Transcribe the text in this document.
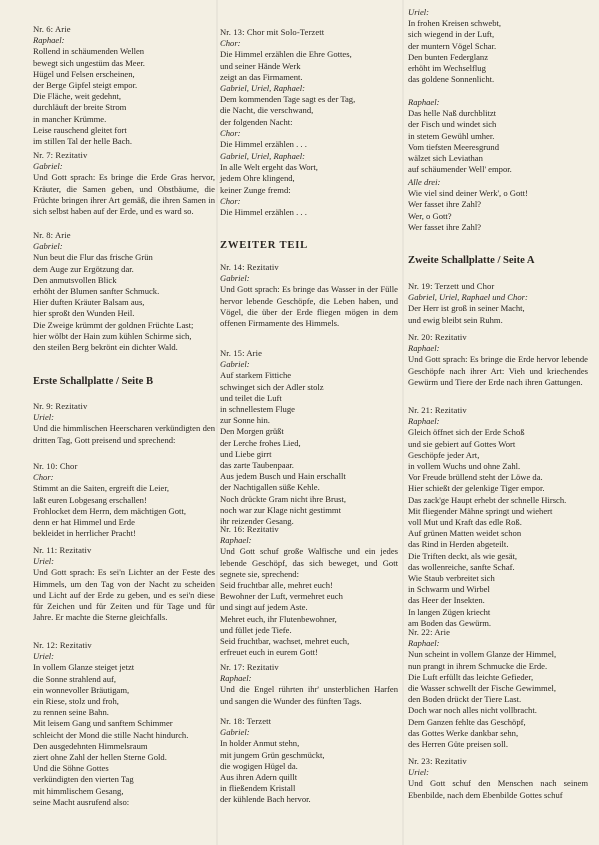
Nr. 6: Arie
Raphael:
Rollend in schäumenden Wellen
bewegt sich ungestüm das Meer.
Hügel und Felsen erscheinen,
der Berge Gipfel steigt empor.
Die Fläche, weit gedehnt,
durchläuft der breite Strom
in mancher Krümme.
Leise rauschend gleitet fort
im stillen Tal der helle Bach.
Nr. 7: Rezitativ
Gabriel:
Und Gott sprach: Es bringe die Erde Gras hervor, Kräuter, die Samen geben, und Obstbäume, die Früchte bringen ihrer Art gemäß, die ihren Samen in sich selbst haben auf der Erde, und es ward so.
Nr. 8: Arie
Gabriel:
Nun beut die Flur das frische Grün
dem Auge zur Ergötzung dar.
Den anmutsvollen Blick
erhöht der Blumen sanfter Schmuck.
Hier duften Kräuter Balsam aus,
hier sproßt den Wunden Heil.
Die Zweige krümmt der goldnen Früchte Last;
hier wölbt der Hain zum kühlen Schirme sich,
den steilen Berg bekrönt ein dichter Wald.
Erste Schallplatte / Seite B
Nr. 9: Rezitativ
Uriel:
Und die himmlischen Heerscharen verkündigten den dritten Tag, Gott preisend und sprechend:
Nr. 10: Chor
Chor:
Stimmt an die Saiten, ergreift die Leier,
laßt euren Lobgesang erschallen!
Frohlocket dem Herrn, dem mächtigen Gott,
denn er hat Himmel und Erde
bekleidet in herrlicher Pracht!
Nr. 11: Rezitativ
Uriel:
Und Gott sprach: Es sei'n Lichter an der Feste des Himmels, um den Tag von der Nacht zu scheiden und Licht auf der Erde zu geben, und es sei'n diese für Zeichen und für Zeiten und für Tage und für Jahre. Er machte die Sterne gleichfalls.
Nr. 12: Rezitativ
Uriel:
In vollem Glanze steiget jetzt
die Sonne strahlend auf,
ein wonnevoller Bräutigam,
ein Riese, stolz und froh,
zu rennen seine Bahn.
Mit leisem Gang und sanftem Schimmer
schleicht der Mond die stille Nacht hindurch.
Den ausgedehnten Himmelsraum
ziert ohne Zahl der hellen Sterne Gold.
Und die Söhne Gottes
verkündigten den vierten Tag
mit himmlischem Gesang,
seine Macht ausrufend also:
Nr. 13: Chor mit Solo-Terzett
Chor:
Die Himmel erzählen die Ehre Gottes,
und seiner Hände Werk
zeigt an das Firmament.
Gabriel, Uriel, Raphael:
Dem kommenden Tage sagt es der Tag,
die Nacht, die verschwand,
der folgenden Nacht:
Chor:
Die Himmel erzählen . . .
Gabriel, Uriel, Raphael:
In alle Welt ergeht das Wort,
jedem Ohre klingend,
keiner Zunge fremd:
Chor:
Die Himmel erzählen . . .
ZWEITER TEIL
Nr. 14: Rezitativ
Gabriel:
Und Gott sprach: Es bringe das Wasser in der Fülle hervor lebende Geschöpfe, die Leben haben, und Vögel, die über der Erde fliegen mögen in dem offenen Firmamente des Himmels.
Nr. 15: Arie
Gabriel:
Auf starkem Fittiche
schwinget sich der Adler stolz
und teilet die Luft
in schnellestem Fluge
zur Sonne hin.
Den Morgen grüßt
der Lerche frohes Lied,
und Liebe girrt
das zarte Taubenpaar.
Aus jedem Busch und Hain erschallt
der Nachtigallen süße Kehle.
Noch drückte Gram nicht ihre Brust,
noch war zur Klage nicht gestimmt
ihr reizender Gesang.
Nr. 16: Rezitativ
Raphael:
Und Gott schuf große Walfische und ein jedes lebende Geschöpf, das sich beweget, und Gott segnete sie, sprechend:
Seid fruchtbar alle, mehret euch!
Bewohner der Luft, vermehret euch
und singt auf jedem Aste.
Mehret euch, ihr Flutenbewohner,
und füllet jede Tiefe.
Seid fruchtbar, wachset, mehret euch,
erfreuet euch in eurem Gott!
Nr. 17: Rezitativ
Raphael:
Und die Engel rührten ihr' unsterblichen Harfen und sangen die Wunder des fünften Tags.
Nr. 18: Terzett
Gabriel:
In holder Anmut stehn,
mit jungem Grün geschmückt,
die wogigen Hügel da.
Aus ihren Adern quillt
in fließendem Kristall
der kühlende Bach hervor.
Uriel:
In frohen Kreisen schwebt,
sich wiegend in der Luft,
der muntern Vögel Schar.
Den bunten Federglanz
erhöht im Wechselflug
das goldene Sonnenlicht.
Raphael:
Das helle Naß durchblitzt
der Fisch und windet sich
in stetem Gewühl umher.
Vom tiefsten Meeresgrund
wälzet sich Leviathan
auf schäumender Well' empor.
Alle drei:
Wie viel sind deiner Werk', o Gott!
Wer fasset ihre Zahl?
Wer, o Gott?
Wer fasset ihre Zahl?
Zweite Schallplatte / Seite A
Nr. 19: Terzett und Chor
Gabriel, Uriel, Raphael und Chor:
Der Herr ist groß in seiner Macht,
und ewig bleibt sein Ruhm.
Nr. 20: Rezitativ
Raphael:
Und Gott sprach: Es bringe die Erde hervor lebende Geschöpfe nach ihrer Art: Vieh und kriechendes Gewürm und Tiere der Erde nach ihren Gattungen.
Nr. 21: Rezitativ
Raphael:
Gleich öffnet sich der Erde Schoß
und sie gebiert auf Gottes Wort
Geschöpfe jeder Art,
in vollem Wuchs und ohne Zahl.
Vor Freude brüllend steht der Löwe da.
Hier schießt der gelenkige Tiger empor.
Das zack'ge Haupt erhebt der schnelle Hirsch.
Mit fliegender Mähne springt und wiehert
voll Mut und Kraft das edle Roß.
Auf grünen Matten weidet schon
das Rind in Herden abgeteilt.
Die Triften deckt, als wie gesät,
das wollenreiche, sanfte Schaf.
Wie Staub verbreitet sich
in Schwarm und Wirbel
das Heer der Insekten.
In langen Zügen kriecht
am Boden das Gewürm.
Nr. 22: Arie
Raphael:
Nun scheint in vollem Glanze der Himmel,
nun prangt in ihrem Schmucke die Erde.
Die Luft erfüllt das leichte Gefieder,
die Wasser schwellt der Fische Gewimmel,
den Boden drückt der Tiere Last.
Doch war noch alles nicht vollbracht.
Dem Ganzen fehlte das Geschöpf,
das Gottes Werke dankbar sehn,
des Herren Güte preisen soll.
Nr. 23: Rezitativ
Uriel:
Und Gott schuf den Menschen nach seinem Ebenbilde, nach dem Ebenbilde Gottes schuf
